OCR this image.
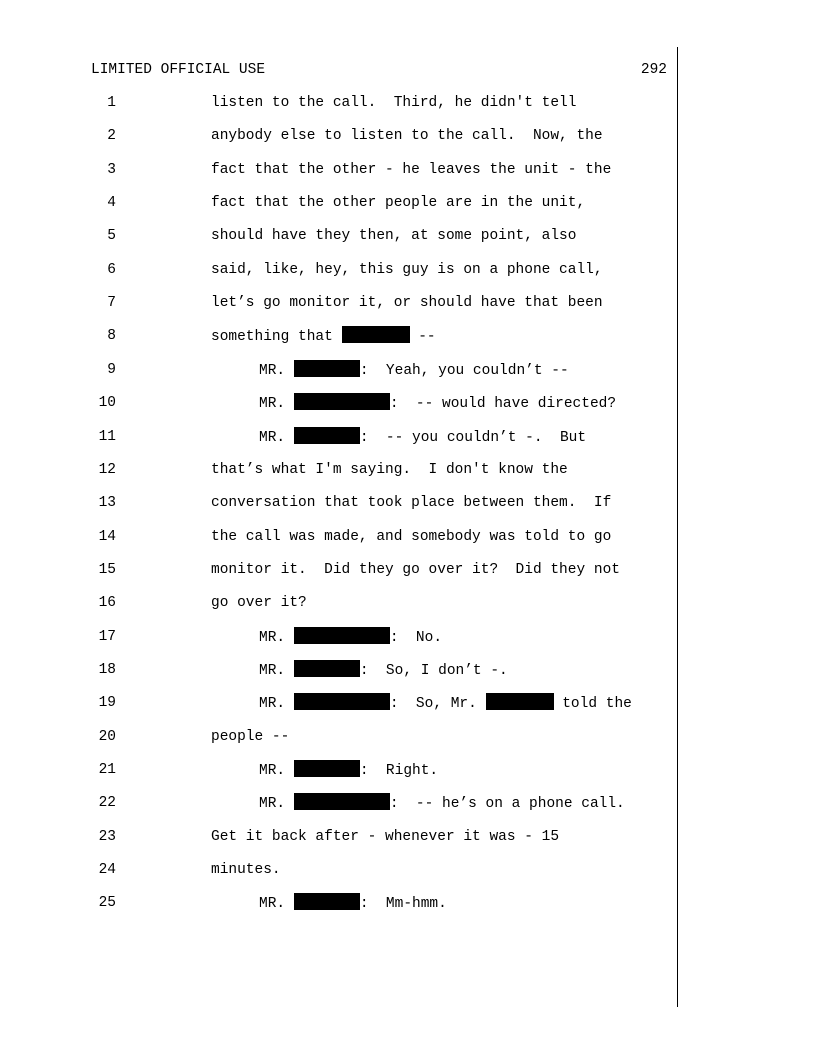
LIMITED OFFICIAL USE	292
1	listen to the call.  Third, he didn't tell
2	anybody else to listen to the call.  Now, the
3	fact that the other - he leaves the unit - the
4	fact that the other people are in the unit,
5	should have they then, at some point, also
6	said, like, hey, this guy is on a phone call,
7	let’s go monitor it, or should have that been
8	something that	--
9	MR.	:  Yeah, you couldn’t --
10	MR.	:  -- would have directed?
11	MR.	:  -- you couldn’t -.  But
12	that’s what I'm saying.  I don't know the
13	conversation that took place between them.  If
14	the call was made, and somebody was told to go
15	monitor it.  Did they go over it?  Did they not
16	go over it?
17	MR.	:  No.
18	MR.	:  So, I don’t -.
19	MR.	:  So, Mr.	told the
20	people --
21	MR.	:  Right.
22	MR.	:  -- he’s on a phone call.
23	Get it back after - whenever it was - 15
24	minutes.
25	MR.	:  Mm-hmm.
